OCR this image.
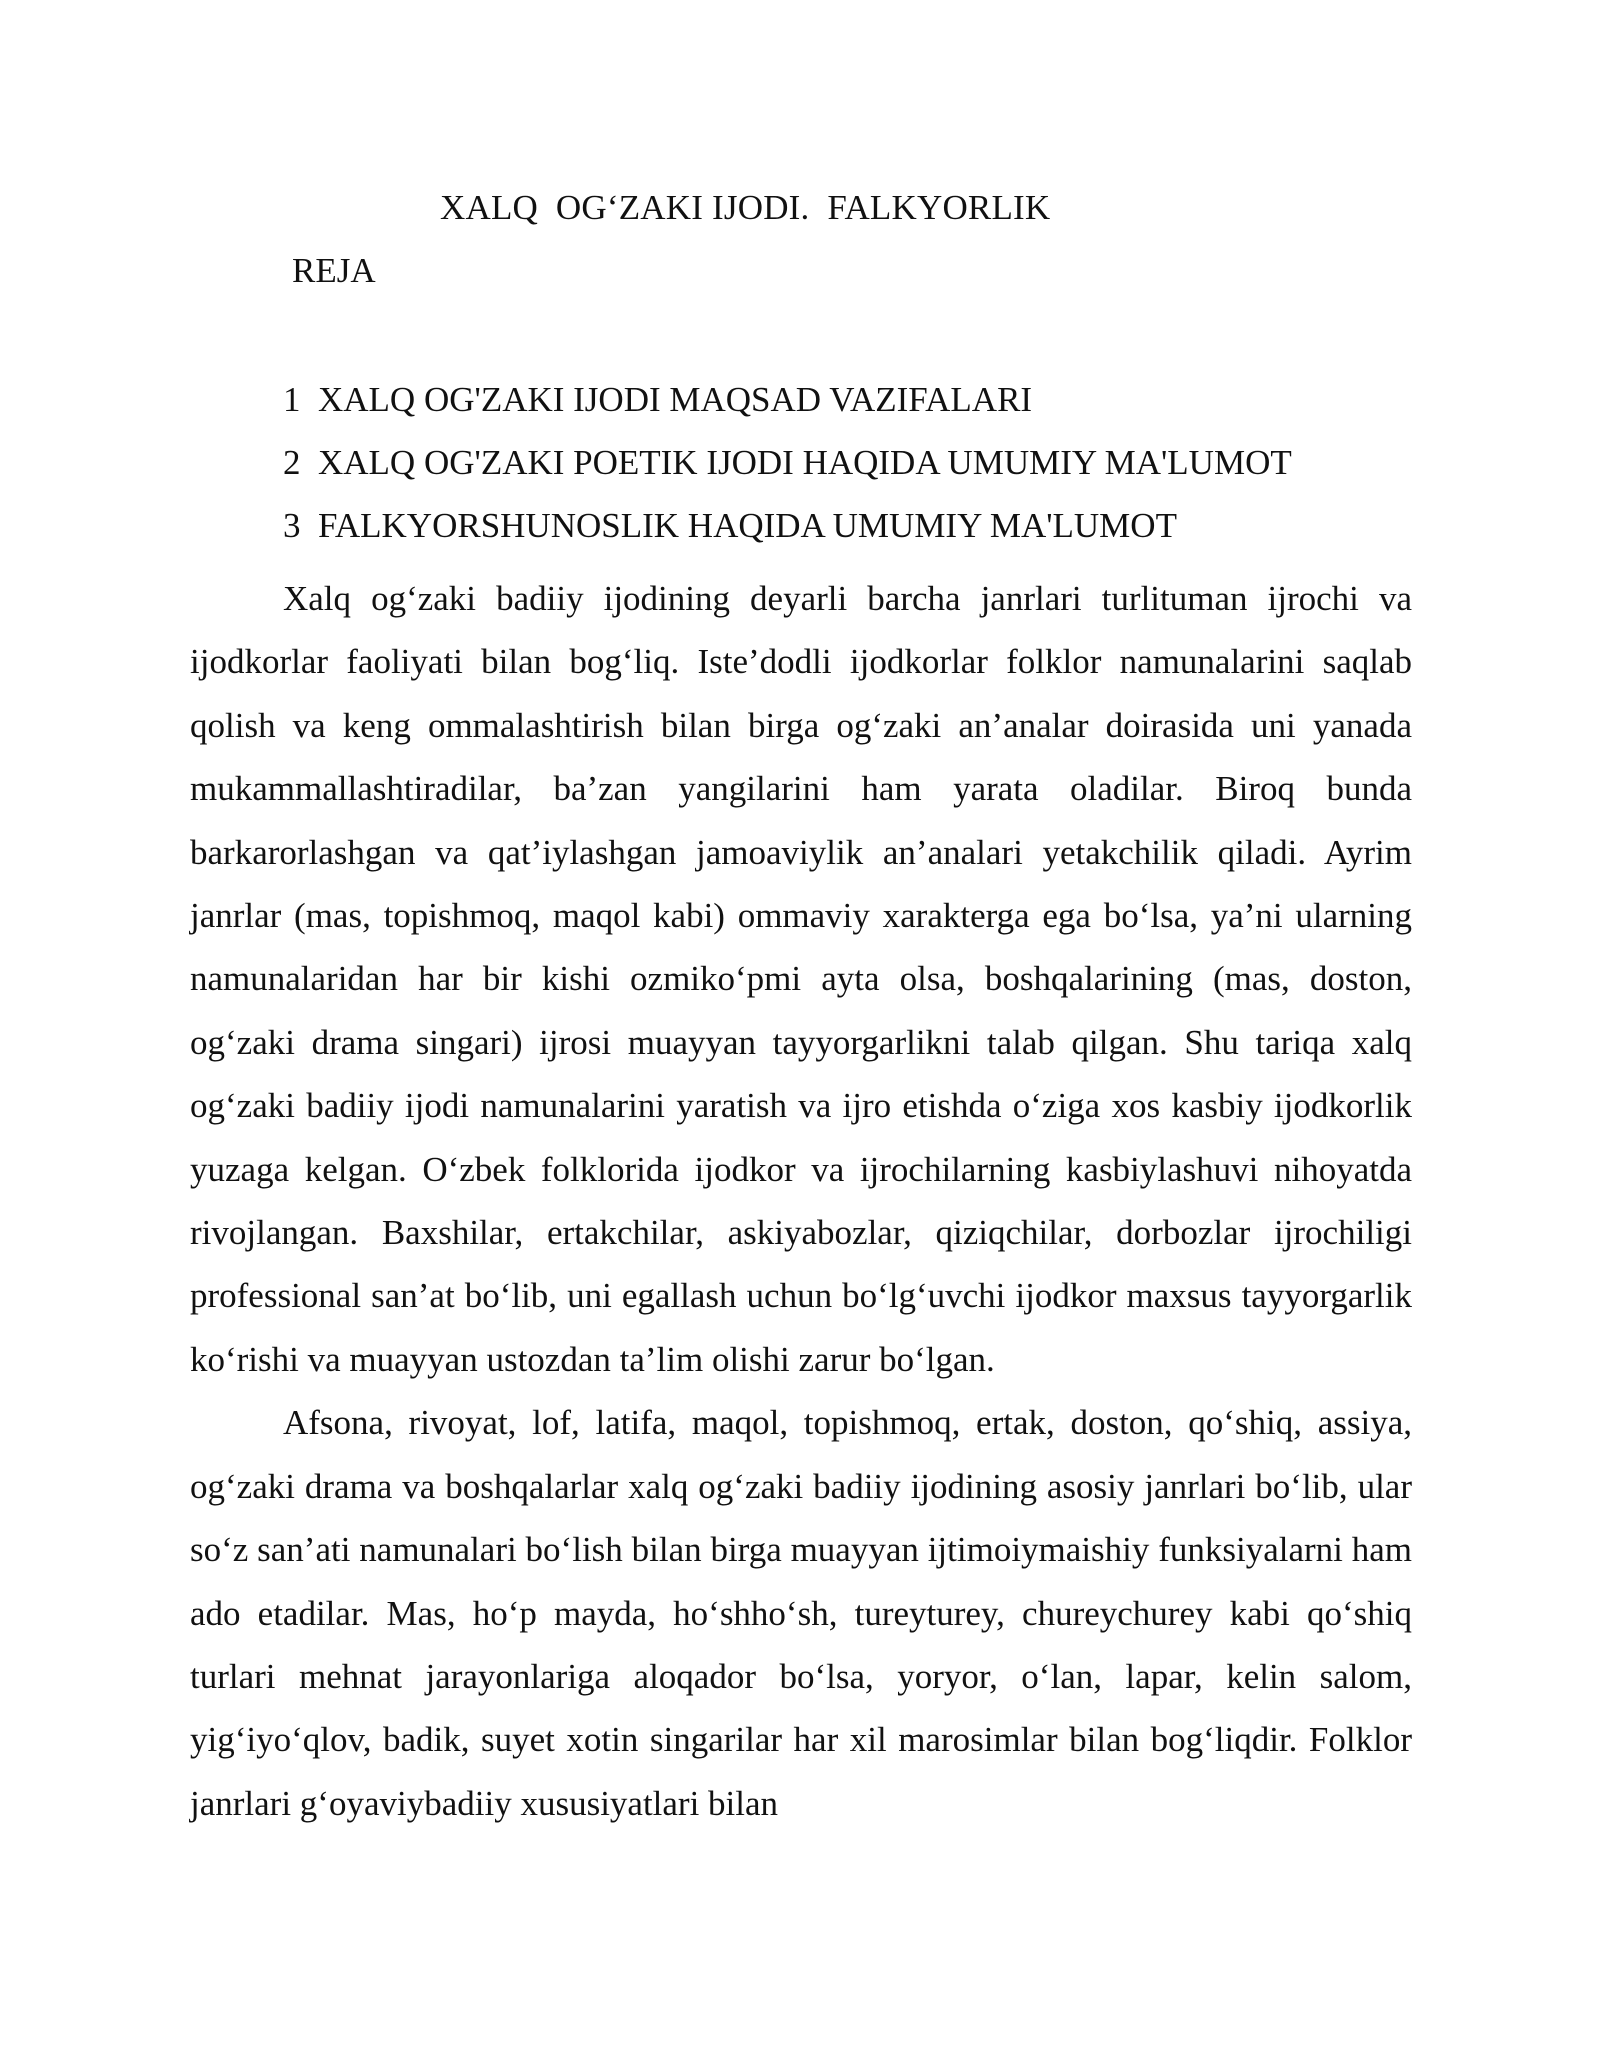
XALQ  OG‘ZAKI IJODI.  FALKYORLIK
REJA
1  XALQ OG'ZAKI IJODI MAQSAD VAZIFALARI
2  XALQ OG'ZAKI POETIK IJODI HAQIDA UMUMIY MA'LUMOT
3  FALKYORSHUNOSLIK HAQIDA UMUMIY MA'LUMOT

Xalq og‘zaki badiiy ijodining deyarli barcha janrlari turlituman ijrochi va ijodkorlar faoliyati bilan bog‘liq. Iste’dodli ijodkorlar folklor namunalarini saqlab qolish va keng ommalashtirish bilan birga og‘zaki an’analar doirasida uni yanada mukammallashtiradilar, ba’zan yangilarini ham yarata oladilar. Biroq bunda barkarorlashgan va qat’iylashgan jamoaviylik an’analari yetakchilik qiladi. Ayrim janrlar (mas, topishmoq, maqol kabi) ommaviy xarakterga ega bo‘lsa, ya’ni ularning namunalaridan har bir kishi ozmiko‘pmi ayta olsa, boshqalarining (mas, doston, og‘zaki drama singari) ijrosi muayyan tayyorgarlikni talab qilgan. Shu tariqa xalq og‘zaki badiiy ijodi namunalarini yaratish va ijro etishda o‘ziga xos kasbiy ijodkorlik yuzaga kelgan. O‘zbek folklorida ijodkor va ijrochilarning kasbiylashuvi nihoyatda rivojlangan. Baxshilar, ertakchilar, askiyabozlar, qiziqchilar, dorbozlar ijrochiligi professional san’at bo‘lib, uni egallash uchun bo‘lg‘uvchi ijodkor maxsus tayyorgarlik ko‘rishi va muayyan ustozdan ta’lim olishi zarur bo‘lgan.

Afsona, rivoyat, lof, latifa, maqol, topishmoq, ertak, doston, qo‘shiq, assiya, og‘zaki drama va boshqalarlar xalq og‘zaki badiiy ijodining asosiy janrlari bo‘lib, ular so‘z san’ati namunalari bo‘lish bilan birga muayyan ijtimoiymaishiy funksiyalarni ham ado etadilar. Mas, ho‘p mayda, ho‘shho‘sh, tureyturey, chureychurey kabi qo‘shiq turlari mehnat jarayonlariga aloqador bo‘lsa, yoryor, o‘lan, lapar, kelin salom, yig‘iyo‘qlov, badik, suyet xotin singarilar har xil marosimlar bilan bog‘liqdir. Folklor janrlari g‘oyaviybadiiy xususiyatlari bilan
